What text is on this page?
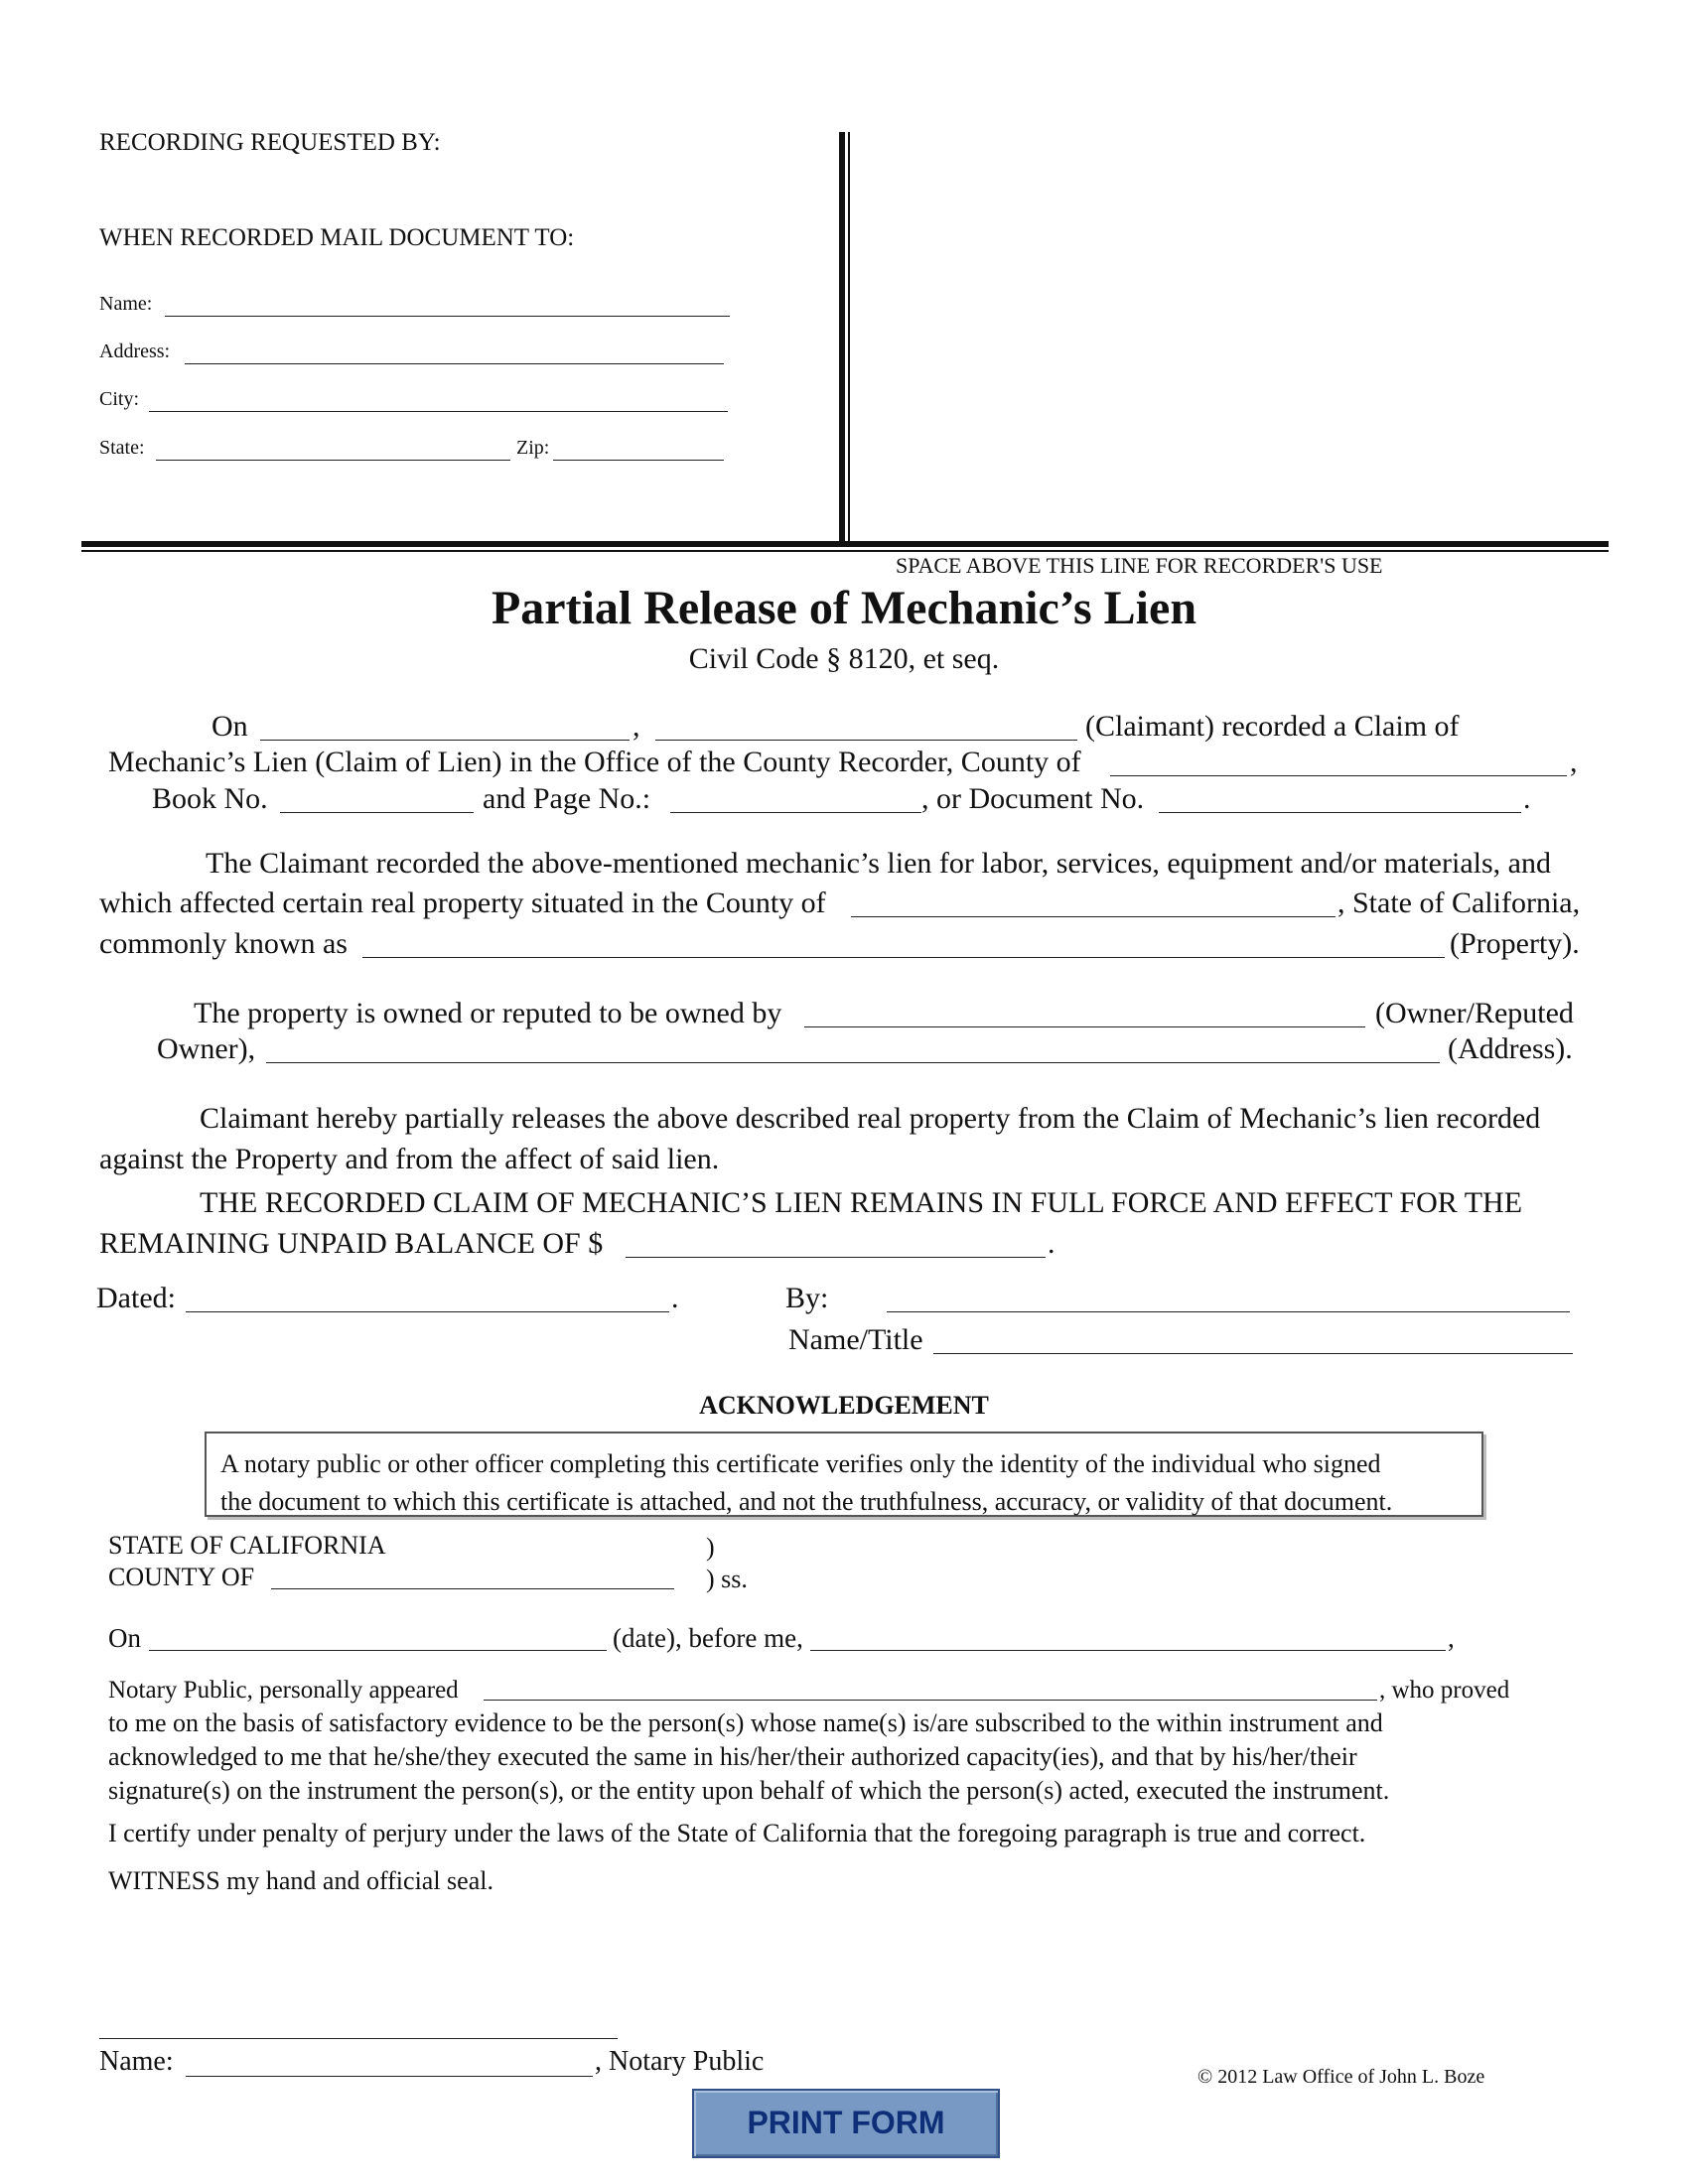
RECORDING REQUESTED BY:
WHEN RECORDED MAIL DOCUMENT TO:
Name:
Address:
City:
State:	Zip:
SPACE ABOVE THIS LINE FOR RECORDER'S USE
Partial Release of Mechanic’s Lien
Civil Code § 8120, et seq.
On	,	(Claimant) recorded a Claim of
Mechanic’s Lien (Claim of Lien) in the Office of the County Recorder, County of	,
Book No.	and Page No.:	, or Document No.	.
The Claimant recorded the above-mentioned mechanic’s lien for labor, services, equipment and/or materials, and
which affected certain real property situated in the County of	, State of California,
commonly known as	(Property).
The property is owned or reputed to be owned by	(Owner/Reputed
Owner),	(Address).
Claimant hereby partially releases the above described real property from the Claim of Mechanic’s lien recorded
against the Property and from the affect of said lien.
THE RECORDED CLAIM OF MECHANIC’S LIEN REMAINS IN FULL FORCE AND EFFECT FOR THE
REMAINING UNPAID BALANCE OF $	.
Dated:	.	By:
Name/Title
ACKNOWLEDGEMENT
A notary public or other officer completing this certificate verifies only the identity of the individual who signed
the document to which this certificate is attached, and not the truthfulness, accuracy, or validity of that document.
STATE OF CALIFORNIA	)
COUNTY OF	) ss.
On	(date), before me,	,
Notary Public, personally appeared	, who proved
to me on the basis of satisfactory evidence to be the person(s) whose name(s) is/are subscribed to the within instrument and
acknowledged to me that he/she/they executed the same in his/her/their authorized capacity(ies), and that by his/her/their
signature(s) on the instrument the person(s), or the entity upon behalf of which the person(s) acted, executed the instrument.
I certify under penalty of perjury under the laws of the State of California that the foregoing paragraph is true and correct.
WITNESS my hand and official seal.
Name:	, Notary Public	© 2012 Law Office of John L. Boze
PRINT FORM
